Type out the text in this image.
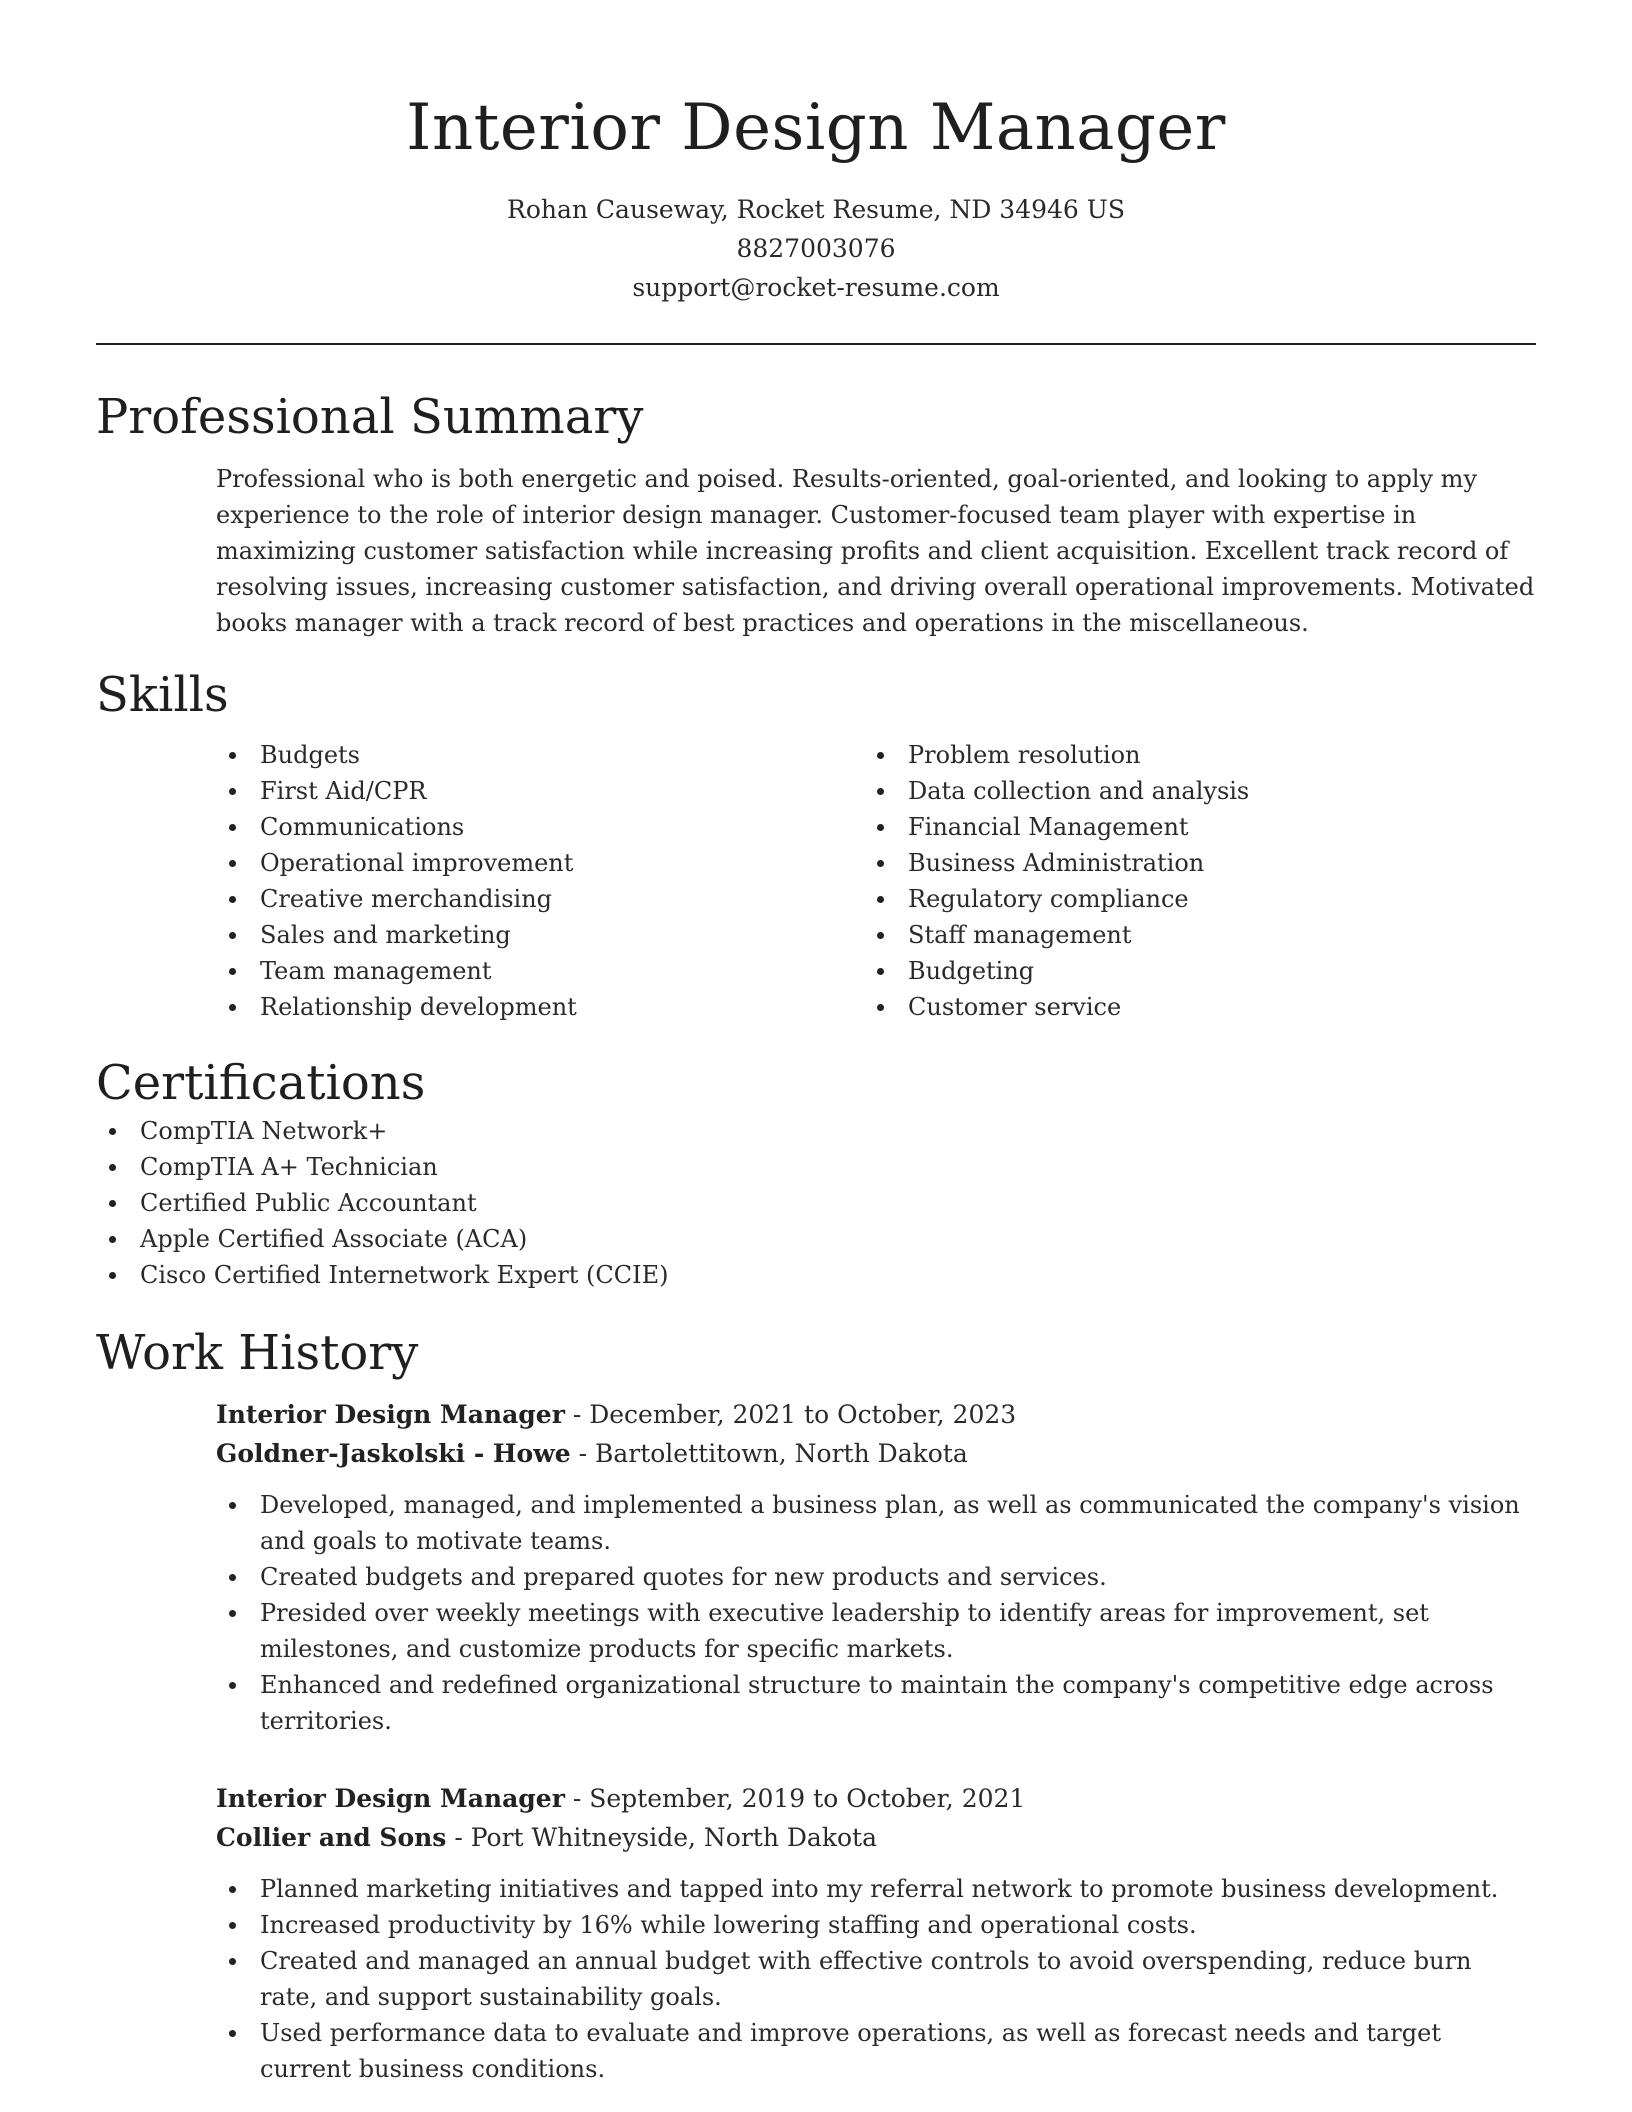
Interior Design Manager
Rohan Causeway, Rocket Resume, ND 34946 US
8827003076
support@rocket-resume.com
Professional Summary

Professional who is both energetic and poised. Results-oriented, goal-oriented, and looking to apply my experience to the role of interior design manager. Customer-focused team player with expertise in maximizing customer satisfaction while increasing profits and client acquisition. Excellent track record of resolving issues, increasing customer satisfaction, and driving overall operational improvements. Motivated books manager with a track record of best practices and operations in the miscellaneous.

Skills
Budgets
First Aid/CPR
Communications
Operational improvement
Creative merchandising
Sales and marketing
Team management
Relationship development
Problem resolution
Data collection and analysis
Financial Management
Business Administration
Regulatory compliance
Staff management
Budgeting
Customer service
Certifications
CompTIA Network+
CompTIA A+ Technician
Certified Public Accountant
Apple Certified Associate (ACA)
Cisco Certified Internetwork Expert (CCIE)
Work History
Interior Design Manager - December, 2021 to October, 2023
Goldner-Jaskolski - Howe - Bartolettitown, North Dakota
Developed, managed, and implemented a business plan, as well as communicated the company's vision and goals to motivate teams.
Created budgets and prepared quotes for new products and services.
Presided over weekly meetings with executive leadership to identify areas for improvement, set milestones, and customize products for specific markets.
Enhanced and redefined organizational structure to maintain the company's competitive edge across territories.
Interior Design Manager - September, 2019 to October, 2021
Collier and Sons - Port Whitneyside, North Dakota
Planned marketing initiatives and tapped into my referral network to promote business development.
Increased productivity by 16% while lowering staffing and operational costs.
Created and managed an annual budget with effective controls to avoid overspending, reduce burn rate, and support sustainability goals.
Used performance data to evaluate and improve operations, as well as forecast needs and target current business conditions.
